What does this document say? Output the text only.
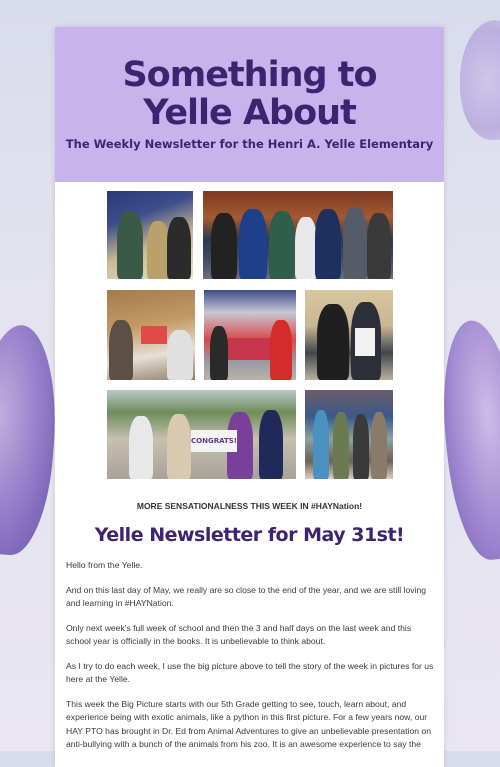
Something to
Yelle About
The Weekly Newsletter for the Henri A. Yelle Elementary
CONGRATS!
MORE SENSATIONALNESS THIS WEEK IN #HAYNation!
Yelle Newsletter for May 31st!

Hello from the Yelle.

And on this last day of May, we really are so close to the end of the year, and we are still loving and learning in #HAYNation.

Only next week's full week of school and then the 3 and half days on the last week and this school year is officially in the books. It is unbelievable to think about.

As I try to do each week, I use the big picture above to tell the story of the week in pictures for us here at the Yelle.

This week the Big Picture starts with our 5th Grade getting to see, touch, learn about, and experience being with exotic animals, like a python in this first picture. For a few years now, our HAY PTO has brought in Dr. Ed from Animal Adventures to give an unbelievable presentation on anti-bullying with a bunch of the animals from his zoo. It is an awesome experience to say the
